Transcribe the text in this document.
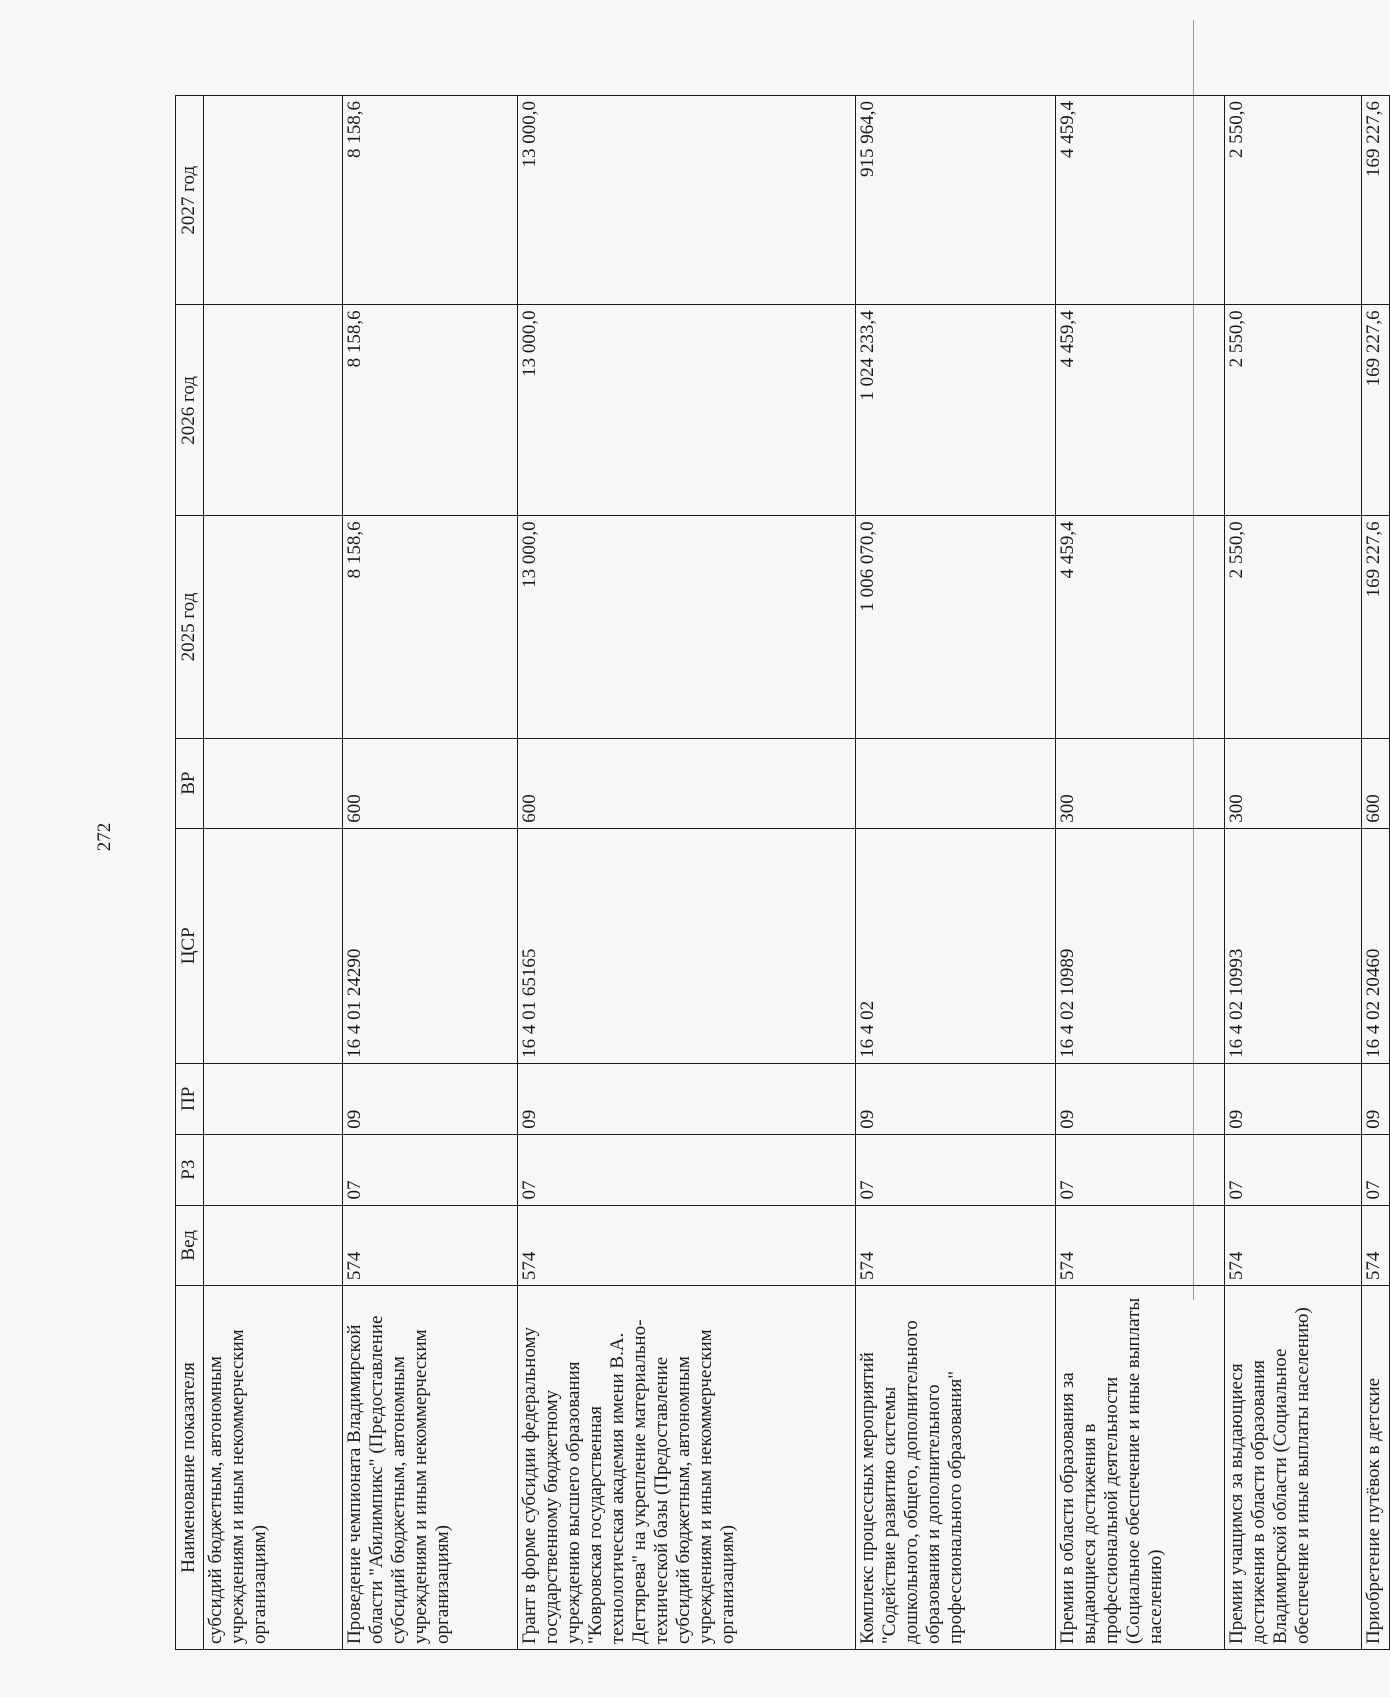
272
Наименование показателя	Вед	РЗ	ПР	ЦСР	ВР	2025 год	2026 год	2027 год
субсидий бюджетным, автономным учреждениям и иным некоммерческим организациям)								
Проведение чемпионата Владимирской области "Абилимпикс" (Предоставление субсидий бюджетным, автономным учреждениям и иным некоммерческим организациям)	574	07	09	16 4 01 24290	600	8 158,6	8 158,6	8 158,6
Грант в форме субсидии федеральному государственному бюджетному учреждению высшего образования "Ковровская государственная технологическая академия имени В.А. Дегтярева" на укрепление материально-технической базы (Предоставление субсидий бюджетным, автономным учреждениям и иным некоммерческим организациям)	574	07	09	16 4 01 65165	600	13 000,0	13 000,0	13 000,0
Комплекс процессных мероприятий "Содействие развитию системы дошкольного, общего, дополнительного образования и дополнительного профессионального образования"	574	07	09	16 4 02		1 006 070,0	1 024 233,4	915 964,0
Премии в области образования за выдающиеся достижения в профессиональной деятельности (Социальное обеспечение и иные выплаты населению)	574	07	09	16 4 02 10989	300	4 459,4	4 459,4	4 459,4
Премии учащимся за выдающиеся достижения в области образования Владимирской области (Социальное обеспечение и иные выплаты населению)	574	07	09	16 4 02 10993	300	2 550,0	2 550,0	2 550,0
Приобретение путёвок в детские	574	07	09	16 4 02 20460	600	169 227,6	169 227,6	169 227,6
